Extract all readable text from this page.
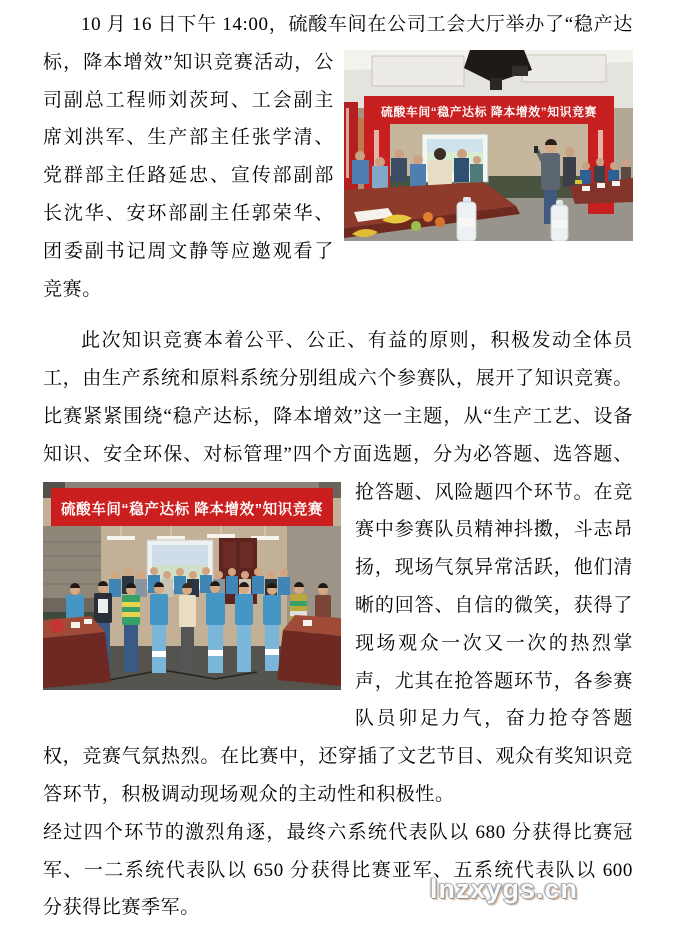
10 月 16 日下午 14:00，硫酸车间在公司工会大厅举办了“稳产达标，
硫酸车间“稳产达标 降本增效”知识竞赛
降本增效”知识竞赛活动，公司副总工程师刘茨珂、工会副主席刘洪军、生产部主任张学清、党群部主任路延忠、宣传部副部长沈华、安环部副主任郭荣华、团委副书记周文静等应邀观看了竞赛。

此次知识竞赛本着公平、公正、有益的原则，积极发动全体员工，由生产系统和原料系统分别组成六个参赛队，展开了知识竞赛。比赛紧紧围绕“稳产达标，降本增效”这一主题，从“生产工艺、设备知识、安全环保、对标管理”四个方面选题，分为必答题、选答题、抢答题、风险题四个环
硫酸车间“稳产达标 降本增效”知识竞赛
节。在竞赛中参赛队员精神抖擞，斗志昂扬，现场气氛异常活跃，他们清晰的回答、自信的微笑，获得了现场观众一次又一次的热烈掌声，尤其在抢答题环节，各参赛队员卯足力气，奋力抢夺答题权，竞赛气氛热烈。在比赛中，还穿插了文艺节目、观众有奖知识竞答环节，积极调动现场观众的主动性和积极性。

经过四个环节的激烈角逐，最终六系统代表队以 680 分获得比赛冠军、一二系统代表队以 650 分获得比赛亚军、五系统代表队以 600 分获得比赛季军。

lnzxygs.cn
